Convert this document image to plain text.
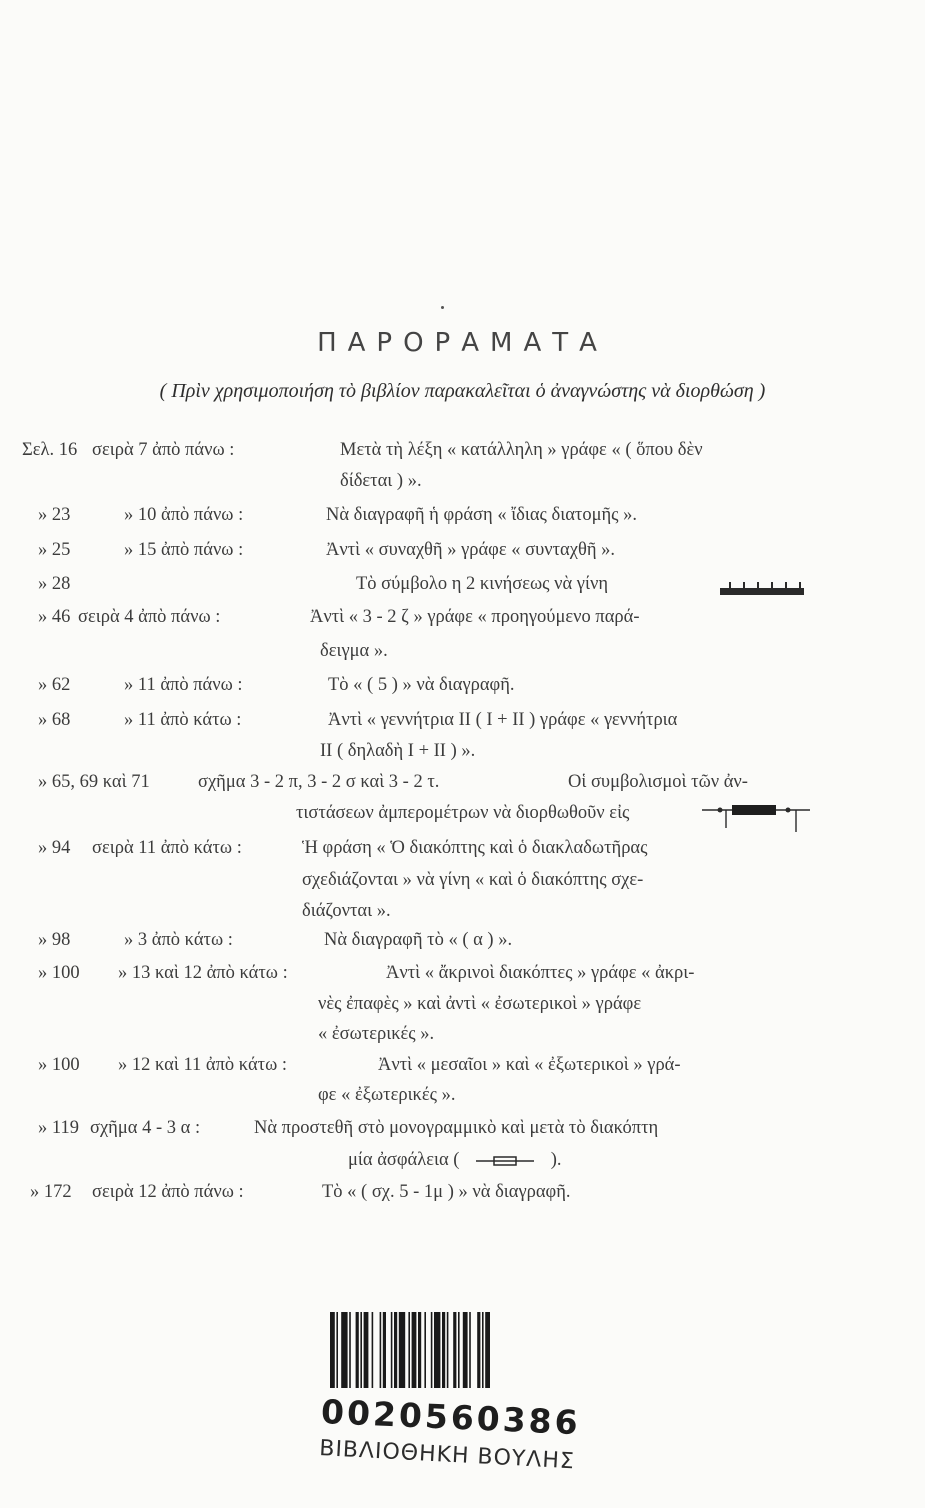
ΠΑΡΟΡΑΜΑΤΑ
( Πρὶν χρησιμοποιήση τὸ βιβλίον παρακαλεῖται ὁ ἀναγνώστης νὰ διορθώση )
Σελ. 16 σειρὰ 7 ἀπὸ πάνω :	Μετὰ τὴ λέξη « κατάλληλη » γράφε « ( ὅπου δὲν
δίδεται ) ».
» 23	» 10 ἀπὸ πάνω :	Νὰ διαγραφῆ ἡ φράση « ἴδιας διατομῆς ».
» 25	» 15 ἀπὸ πάνω :	Ἀντὶ « συναχθῆ » γράφε « συνταχθῆ ».
» 28	Τὸ σύμβολο η 2 κινήσεως νὰ γίνη
» 46 σειρὰ 4 ἀπὸ πάνω :	Ἀντὶ « 3 - 2 ζ » γράφε « προηγούμενο παρά-
δειγμα ».
» 62	» 11 ἀπὸ πάνω :	Τὸ « ( 5 ) » νὰ διαγραφῆ.
» 68	» 11 ἀπὸ κάτω :	Ἀντὶ « γεννήτρια ΙΙ ( Ι + ΙΙ ) γράφε « γεννήτρια
ΙΙ ( δηλαδὴ Ι + ΙΙ ) ».
» 65, 69 καὶ 71	σχῆμα 3 - 2 π, 3 - 2 σ καὶ 3 - 2 τ.	Οἱ συμβολισμοὶ τῶν ἀν-
τιστάσεων ἀμπερομέτρων νὰ διορθωθοῦν εἰς
» 94 σειρὰ 11 ἀπὸ κάτω :	Ἡ φράση « Ὁ διακόπτης καὶ ὁ διακλαδωτῆρας
σχεδιάζονται » νὰ γίνη « καὶ ὁ διακόπτης σχε-
διάζονται ».
» 98	» 3 ἀπὸ κάτω :	Νὰ διαγραφῆ τὸ « ( α ) ».
» 100 » 13 καὶ 12 ἀπὸ κάτω :	Ἀντὶ « ἄκρινοὶ διακόπτες » γράφε « ἀκρι-
νὲς ἐπαφὲς » καὶ ἀντὶ « ἐσωτερικοὶ » γράφε
« ἐσωτερικές ».
» 100 » 12 καὶ 11 ἀπὸ κάτω :	Ἀντὶ « μεσαῖοι » καὶ « ἐξωτερικοὶ » γρά-
φε « ἐξωτερικές ».
» 119 σχῆμα 4 - 3 α :	Νὰ προστεθῆ στὸ μονογραμμικὸ καὶ μετὰ τὸ διακόπτη
μία ἀσφάλεια (	).
» 172 σειρὰ 12 ἀπὸ πάνω :	Τὸ « ( σχ. 5 - 1μ ) » νὰ διαγραφῆ.
0020560386
ΒΙΒΛΙΟΘΗΚΗ ΒΟΥΛΗΣ
